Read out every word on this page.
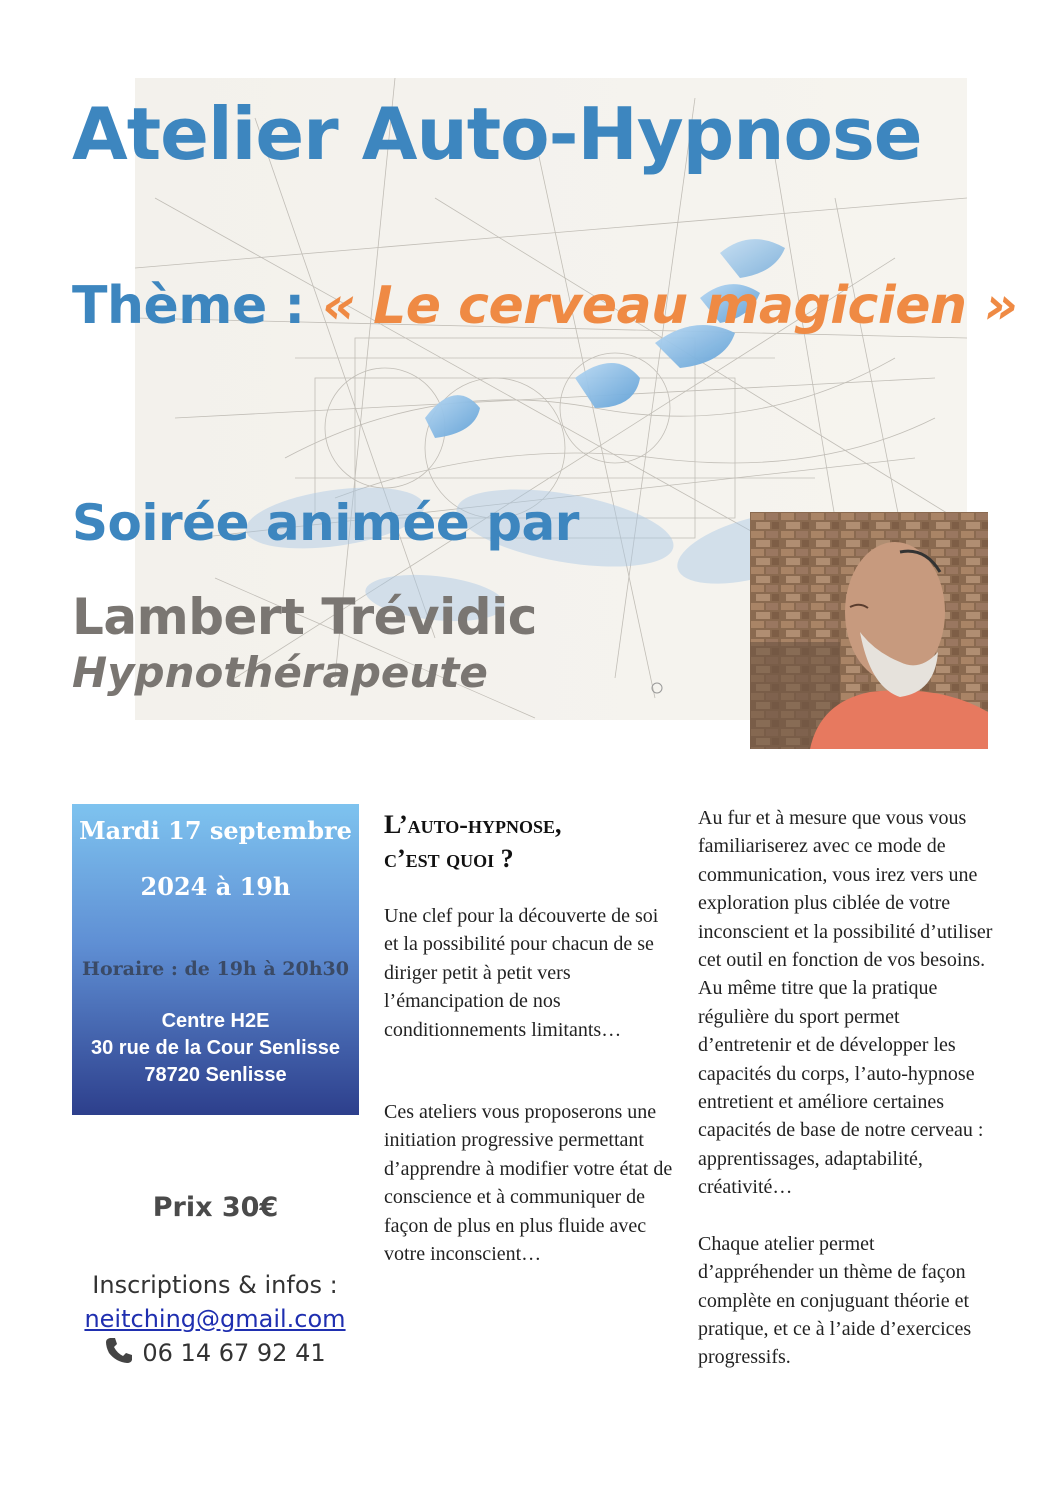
Atelier Auto-Hypnose
Thème : « Le cerveau magicien »
Soirée animée par
Lambert Trévidic
Hypnothérapeute
Mardi 17 septembre
2024 à 19h
Horaire : de 19h à 20h30
Centre H2E
30 rue de la Cour Senlisse
78720 Senlisse
Prix 30€
Inscriptions & infos :
neitching@gmail.com
06 14 67 92 41
L’auto-hypnose,
c’est quoi ?

Une clef pour la découverte de soi et la possibilité pour chacun de se diriger petit à petit vers l’émancipation de nos conditionnements limitants…

Ces ateliers vous proposerons une initiation progressive permettant d’apprendre à modifier votre état de conscience et à communiquer de façon de plus en plus fluide avec votre inconscient…

Au fur et à mesure que vous vous familiariserez avec ce mode de communication, vous irez vers une exploration plus ciblée de votre inconscient et la possibilité d’utiliser cet outil en fonction de vos besoins.

Au même titre que la pratique régulière du sport permet d’entretenir et de développer les capacités du corps, l’auto-hypnose entretient et améliore certaines capacités de base de notre cerveau : apprentissages, adaptabilité, créativité…

Chaque atelier permet d’appréhender un thème de façon complète en conjuguant théorie et pratique, et ce à l’aide d’exercices progressifs.
